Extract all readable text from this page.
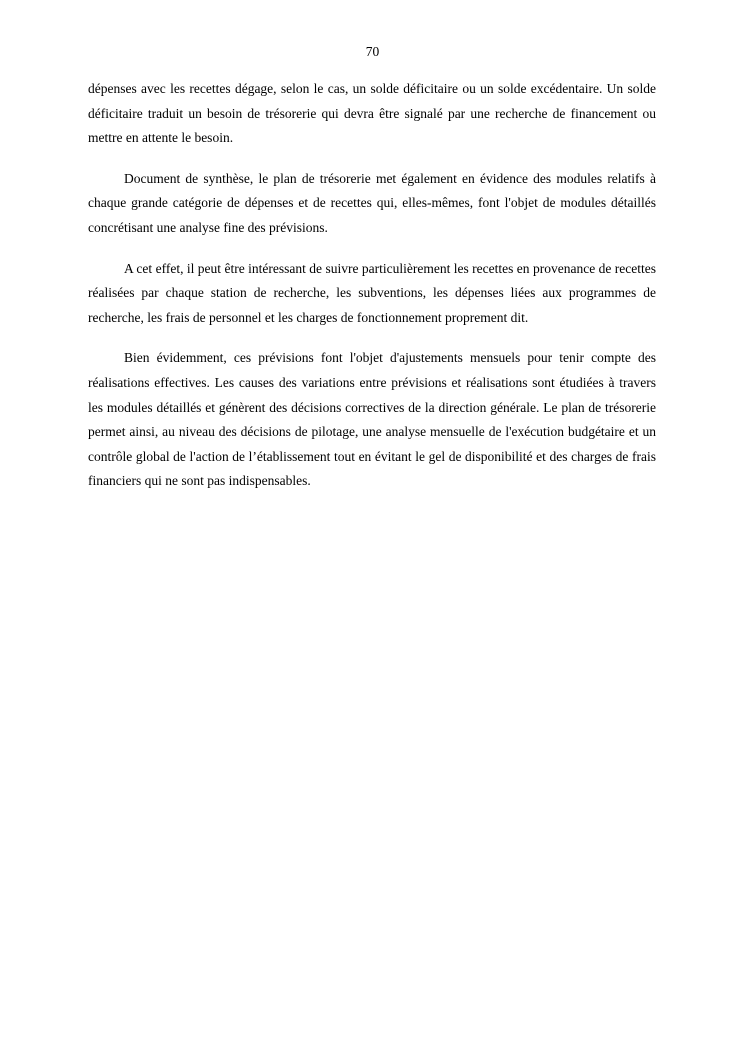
70

dépenses avec les recettes dégage, selon le cas, un solde déficitaire ou un solde excédentaire. Un solde déficitaire traduit un besoin de trésorerie qui devra être signalé par une recherche de financement ou mettre en attente le besoin.

Document de synthèse, le plan de trésorerie met également en évidence des modules relatifs à chaque grande catégorie de dépenses et de recettes qui, elles-mêmes, font l'objet de modules détaillés concrétisant une analyse fine des prévisions.

A cet effet, il peut être intéressant de suivre particulièrement les recettes en provenance de recettes réalisées par chaque station de recherche, les subventions, les dépenses liées aux programmes de recherche, les frais de personnel et les charges de fonctionnement proprement dit.

Bien évidemment, ces prévisions font l'objet d'ajustements mensuels pour tenir compte des réalisations effectives. Les causes des variations entre prévisions et réalisations sont étudiées à travers les modules détaillés et génèrent des décisions correctives de la direction générale. Le plan de trésorerie permet ainsi, au niveau des décisions de pilotage, une analyse mensuelle de l'exécution budgétaire et un contrôle global de l'action de l’établissement tout en évitant le gel de disponibilité et des charges de frais financiers qui ne sont pas indispensables.
